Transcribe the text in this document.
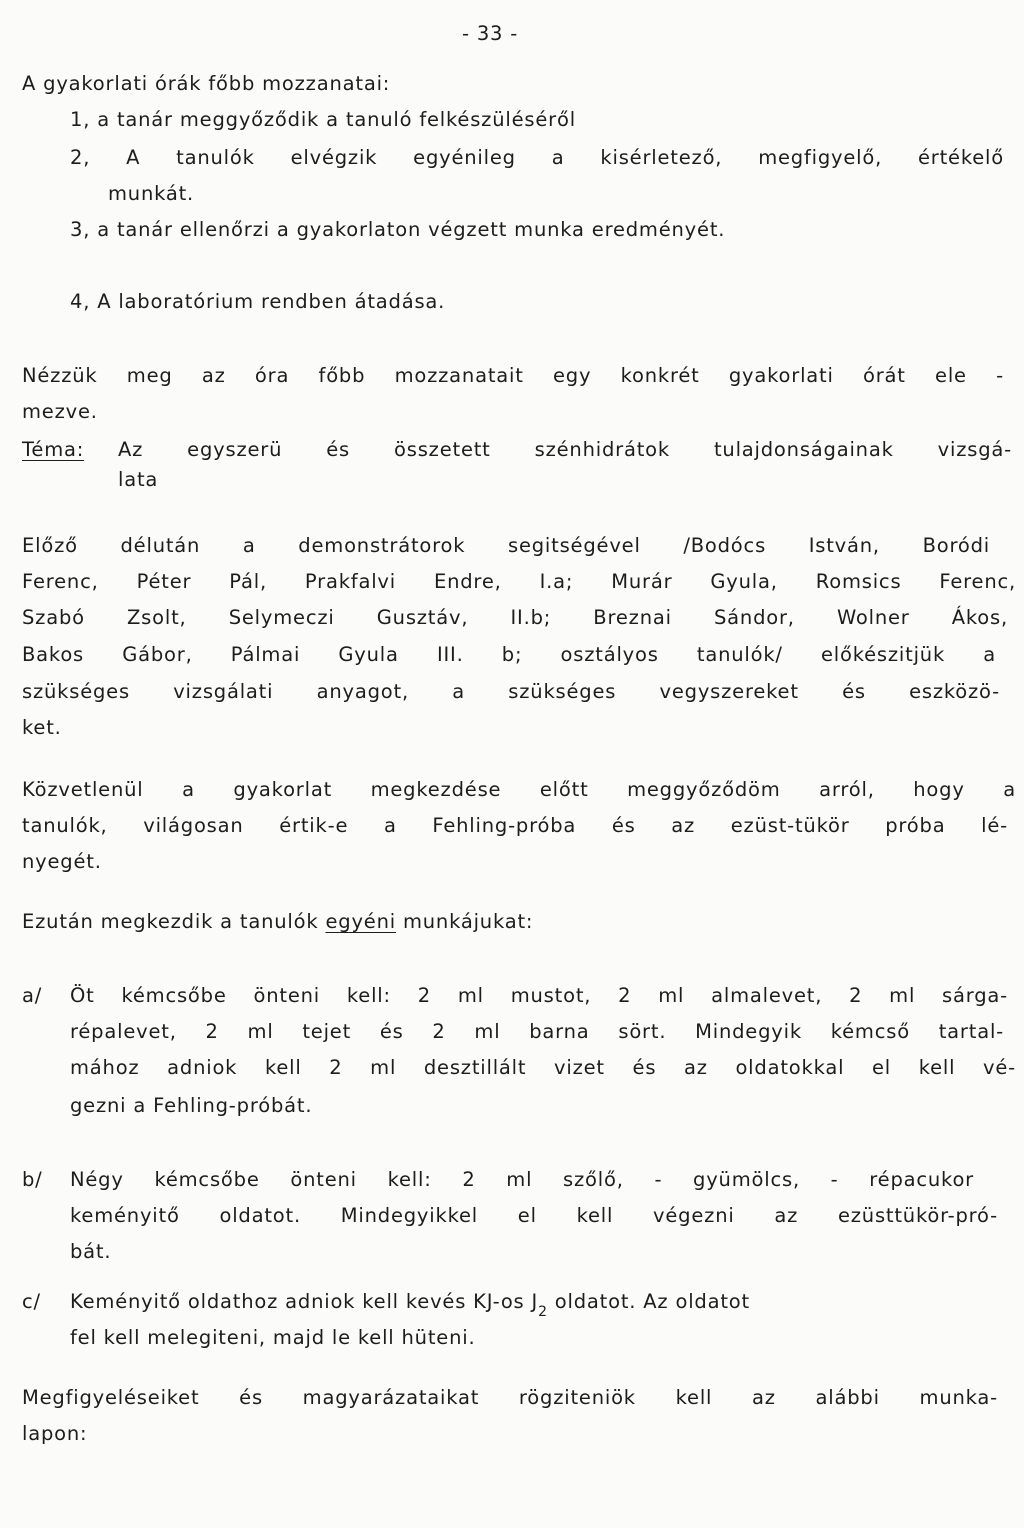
- 33 -
A gyakorlati órák főbb mozzanatai:
1, a tanár meggyőződik a tanuló felkészüléséről
2, A tanulók elvégzik egyénileg a kisérletező, megfigyelő, értékelő
munkát.
3, a tanár ellenőrzi a gyakorlaton végzett munka eredményét.
4, A laboratórium rendben átadása.
Nézzük meg az óra főbb mozzanatait egy konkrét gyakorlati órát ele -
mezve.
Téma: Az egyszerü és összetett szénhidrátok tulajdonságainak vizsgá-
lata
Előző délután a demonstrátorok segitségével /Bodócs István, Boródi
Ferenc, Péter Pál, Prakfalvi Endre, I.a; Murár Gyula, Romsics Ferenc,
Szabó Zsolt, Selymeczi Gusztáv, II.b; Breznai Sándor, Wolner Ákos,
Bakos Gábor, Pálmai Gyula III. b; osztályos tanulók/ előkészitjük a
szükséges vizsgálati anyagot, a szükséges vegyszereket és eszközö-
ket.
Közvetlenül a gyakorlat megkezdése előtt meggyőződöm arról, hogy a
tanulók, világosan értik-e a Fehling-próba és az ezüst-tükör próba lé-
nyegét.
Ezután megkezdik a tanulók egyéni munkájukat:
a/ Öt kémcsőbe önteni kell: 2 ml mustot, 2 ml almalevet, 2 ml sárga-
répalevet, 2 ml tejet és 2 ml barna sört. Mindegyik kémcső tartal-
mához adniok kell 2 ml desztillált vizet és az oldatokkal el kell vé-
gezni a Fehling-próbát.
b/ Négy kémcsőbe önteni kell: 2 ml szőlő, - gyümölcs, - répacukor
keményitő oldatot. Mindegyikkel el kell végezni az ezüsttükör-pró-
bát.
c/ Keményitő oldathoz adniok kell kevés KJ-os $J_2$ oldatot. Az oldatot
fel kell melegiteni, majd le kell hüteni.
Megfigyeléseiket és magyarázataikat rögziteniök kell az alábbi munka-
lapon:
